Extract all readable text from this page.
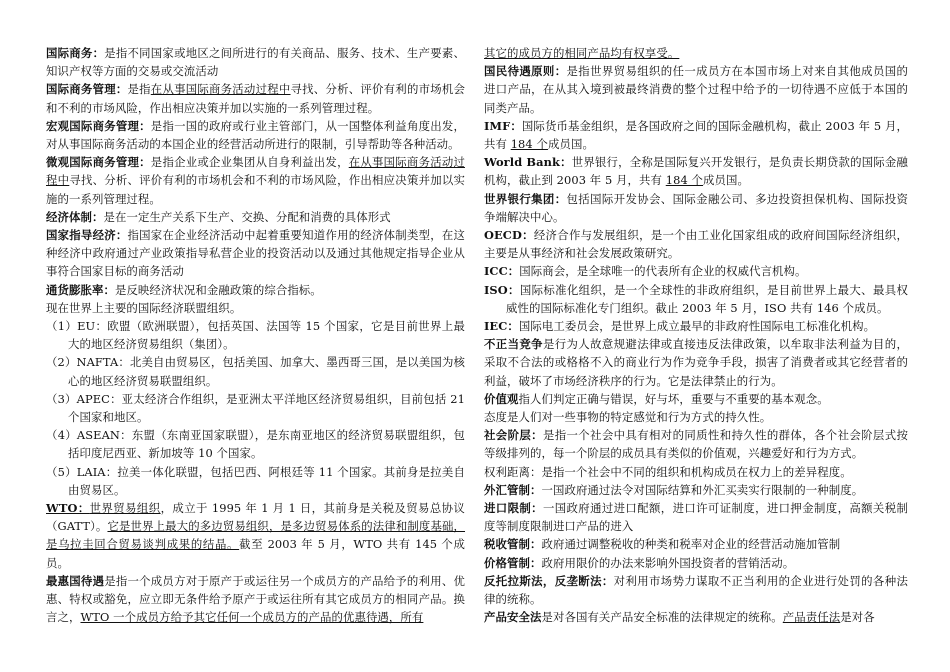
国际商务：是指不同国家或地区之间所进行的有关商品、服务、技术、生产要素、知识产权等方面的交易或交流活动

国际商务管理：是指在从事国际商务活动过程中寻找、分析、评价有利的市场机会和不利的市场风险，作出相应决策并加以实施的一系列管理过程。

宏观国际商务管理：是指一国的政府或行业主管部门，从一国整体利益角度出发，对从事国际商务活动的本国企业的经营活动所进行的限制，引导帮助等各种活动。

微观国际商务管理：是指企业或企业集团从自身利益出发，在从事国际商务活动过程中寻找、分析、评价有利的市场机会和不利的市场风险，作出相应决策并加以实施的一系列管理过程。

经济体制：是在一定生产关系下生产、交换、分配和消费的具体形式

国家指导经济：指国家在企业经济活动中起着重要知道作用的经济体制类型，在这种经济中政府通过产业政策指导私营企业的投资活动以及通过其他规定指导企业从事符合国家目标的商务活动

通货膨胀率：是反映经济状况和金融政策的综合指标。

现在世界上主要的国际经济联盟组织。

（1）EU：欧盟（欧洲联盟），包括英国、法国等 15 个国家，它是目前世界上最大的地区经济贸易组织（集团）。

（2）NAFTA：北美自由贸易区，包括美国、加拿大、墨西哥三国，是以美国为核心的地区经济贸易联盟组织。

（3）APEC：亚太经济合作组织，是亚洲太平洋地区经济贸易组织，目前包括 21 个国家和地区。

（4）ASEAN：东盟（东南亚国家联盟），是东南亚地区的经济贸易联盟组织，包括印度尼西亚、新加坡等 10 个国家。

（5）LAIA：拉美一体化联盟，包括巴西、阿根廷等 11 个国家。其前身是拉美自由贸易区。

WTO：世界贸易组织，成立于 1995 年 1 月 1 日，其前身是关税及贸易总协议（GATT）。它是世界上最大的多边贸易组织，是多边贸易体系的法律和制度基础，是乌拉圭回合贸易谈判成果的结晶。截至 2003 年 5 月，WTO 共有 145 个成员。

最惠国待遇是指一个成员方对于原产于或运往另一个成员方的产品给予的利用、优惠、特权或豁免，应立即无条件给予原产于或运往所有其它成员方的相同产品。换言之，WTO 一个成员方给予其它任何一个成员方的产品的优惠待遇，所有

其它的成员方的相同产品均有权享受。

国民待遇原则：是指世界贸易组织的任一成员方在本国市场上对来自其他成员国的进口产品，在从其入境到被最终消费的整个过程中给予的一切待遇不应低于本国的同类产品。

IMF：国际货币基金组织，是各国政府之间的国际金融机构，截止 2003 年 5 月，共有 184 个成员国。

World Bank：世界银行，全称是国际复兴开发银行，是负责长期贷款的国际金融机构，截止到 2003 年 5 月，共有 184 个成员国。

世界银行集团：包括国际开发协会、国际金融公司、多边投资担保机构、国际投资争端解决中心。

OECD：经济合作与发展组织，是一个由工业化国家组成的政府间国际经济组织，主要是从事经济和社会发展政策研究。

ICC：国际商会，是全球唯一的代表所有企业的权威代言机构。

ISO：国际标准化组织，是一个全球性的非政府组织，是目前世界上最大、最具权威性的国际标准化专门组织。截止 2003 年 5 月，ISO 共有 146 个成员。

IEC：国际电工委员会，是世界上成立最早的非政府性国际电工标准化机构。

不正当竞争是行为人故意规避法律或直接违反法律政策，以牟取非法利益为目的，采取不合法的或格格不入的商业行为作为竞争手段，损害了消费者或其它经营者的利益，破坏了市场经济秩序的行为。它是法律禁止的行为。

价值观指人们判定正确与错误，好与坏，重要与不重要的基本观念。

态度是人们对一些事物的特定感觉和行为方式的持久性。

社会阶层：是指一个社会中具有相对的同质性和持久性的群体，各个社会阶层式按等级排列的，每一个阶层的成员具有类似的价值观，兴趣爱好和行为方式。

权利距离：是指一个社会中不同的组织和机构成员在权力上的差异程度。

外汇管制：一国政府通过法令对国际结算和外汇买卖实行限制的一种制度。

进口限制：一国政府通过进口配额，进口许可证制度，进口押金制度，高额关税制度等制度限制进口产品的进入

税收管制：政府通过调整税收的种类和税率对企业的经营活动施加管制

价格管制：政府用限价的办法来影响外国投资者的营销活动。

反托拉斯法，反垄断法：对利用市场势力谋取不正当利用的企业进行处罚的各种法律的统称。

产品安全法是对各国有关产品安全标准的法律规定的统称。产品责任法是对各
